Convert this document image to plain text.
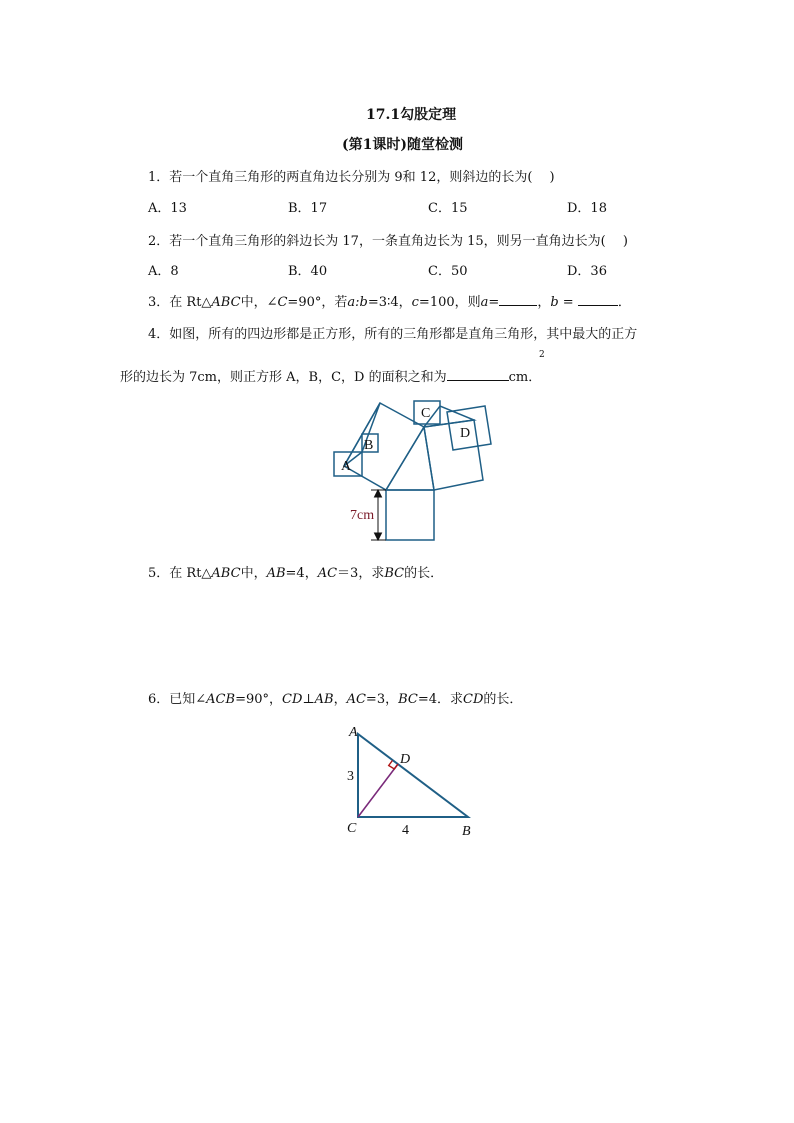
17.1勾股定理
(第1课时)随堂检测
1．若一个直角三角形的两直角边长分别为 9和 12，则斜边的长为(　 )
A．13	B．17	C．15	D．18
2．若一个直角三角形的斜边长为 17，一条直角边长为 15，则另一直角边长为(　 )
A．8	B．40	C．50	D．36
3．在 Rt△ABC中，∠C=90°，若a:b=3∶4，c=100，则a=	，b =	．
4．如图，所有的四边形都是正方形，所有的三角形都是直角三角形，其中最大的正方
形的边长为 7cm，则正方形 A，B，C，D 的面积之和为	cm．
2
A
B
C
D
7cm
5．在 Rt△ABC中，AB=4，AC＝3，求BC的长．
6．已知∠ACB=90°，CD⊥AB，AC=3，BC=4．求CD的长．
A
D
C	B
3
4
